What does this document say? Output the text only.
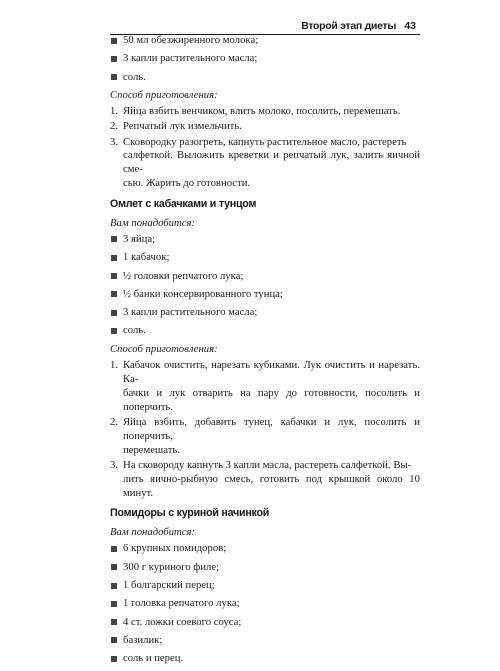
Второй этап диеты 43
50 мл обезжиренного молока;
3 капли растительного масла;
соль.
Способ приготовления:
1. Яйца взбить венчиком, влить молоко, посолить, перемешать.
2. Репчатый лук измельчить.
3. Сковородку разогреть, капнуть растительное масло, растереть
салфеткой. Выложить креветки и репчатый лук, залить яичной сме-
сью. Жарить до готовности.
Омлет с кабачками и тунцом
Вам понадобится:
3 яйца;
1 кабачок;
½ головки репчатого лука;
½ банки консервированного тунца;
3 капли растительного масла;
соль.
Способ приготовления:
1. Кабачок очистить, нарезать кубиками. Лук очистить и нарезать. Ка-
бачки и лук отварить на пару до готовности, посолить и поперчить.
2. Яйца взбить, добавить тунец, кабачки и лук, посолить и поперчить,
перемешать.
3. На сковороду капнуть 3 капли масла, растереть салфеткой. Вы-
лить яично-рыбную смесь, готовить под крышкой около 10 минут.
Помидоры с куриной начинкой
Вам понадобится:
6 крупных помидоров;
300 г куриного филе;
1 болгарский перец;
1 головка репчатого лука;
4 ст. ложки соевого соуса;
базилик;
соль и перец.
